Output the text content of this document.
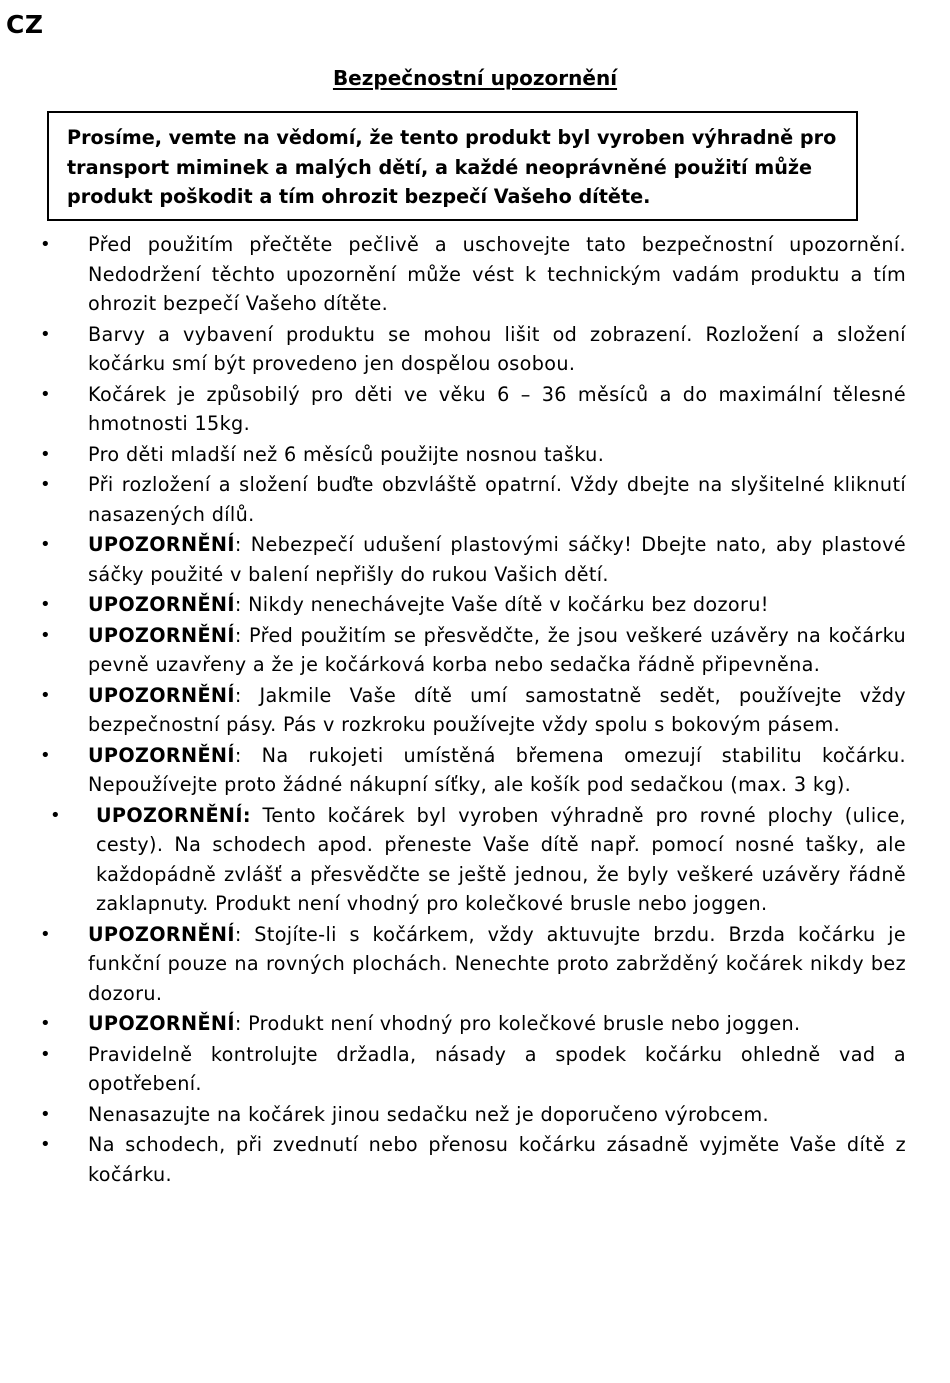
CZ
Bezpečnostní upozornění
Prosíme, vemte na vědomí, že tento produkt byl vyroben výhradně pro transport miminek a malých dětí, a každé neoprávněné použití může produkt poškodit a tím ohrozit bezpečí Vašeho dítěte.
• Před použitím přečtěte pečlivě a uschovejte tato bezpečnostní upozornění. Nedodržení těchto upozornění může vést k technickým vadám produktu a tím ohrozit bezpečí Vašeho dítěte.
• Barvy a vybavení produktu se mohou lišit od zobrazení. Rozložení a složení kočárku smí být provedeno jen dospělou osobou.
• Kočárek je způsobilý pro děti ve věku 6 – 36 měsíců a do maximální tělesné hmotnosti 15kg.
• Pro děti mladší než 6 měsíců použijte nosnou tašku.
• Při rozložení a složení buďte obzvláště opatrní. Vždy dbejte na slyšitelné kliknutí nasazených dílů.
• UPOZORNĚNÍ: Nebezpečí udušení plastovými sáčky! Dbejte nato, aby plastové sáčky použité v balení nepřišly do rukou Vašich dětí.
• UPOZORNĚNÍ: Nikdy nenechávejte Vaše dítě v kočárku bez dozoru!
• UPOZORNĚNÍ: Před použitím se přesvědčte, že jsou veškeré uzávěry na kočárku pevně uzavřeny a že je kočárková korba nebo sedačka řádně připevněna.
• UPOZORNĚNÍ: Jakmile Vaše dítě umí samostatně sedět, používejte vždy bezpečnostní pásy. Pás v rozkroku používejte vždy spolu s bokovým pásem.
• UPOZORNĚNÍ: Na rukojeti umístěná břemena omezují stabilitu kočárku. Nepoužívejte proto žádné nákupní síťky, ale košík pod sedačkou (max. 3 kg).
• UPOZORNĚNÍ: Tento kočárek byl vyroben výhradně pro rovné plochy (ulice, cesty). Na schodech apod. přeneste Vaše dítě např. pomocí nosné tašky, ale každopádně zvlášť a přesvědčte se ještě jednou, že byly veškeré uzávěry řádně zaklapnuty. Produkt není vhodný pro kolečkové brusle nebo joggen.
• UPOZORNĚNÍ: Stojíte-li s kočárkem, vždy aktuvujte brzdu. Brzda kočárku je funkční pouze na rovných plochách. Nenechte proto zabržděný kočárek nikdy bez dozoru.
• UPOZORNĚNÍ: Produkt není vhodný pro kolečkové brusle nebo joggen.
• Pravidelně kontrolujte držadla, násady a spodek kočárku ohledně vad a opotřebení.
• Nenasazujte na kočárek jinou sedačku než je doporučeno výrobcem.
• Na schodech, při zvednutí nebo přenosu kočárku zásadně vyjměte Vaše dítě z kočárku.
